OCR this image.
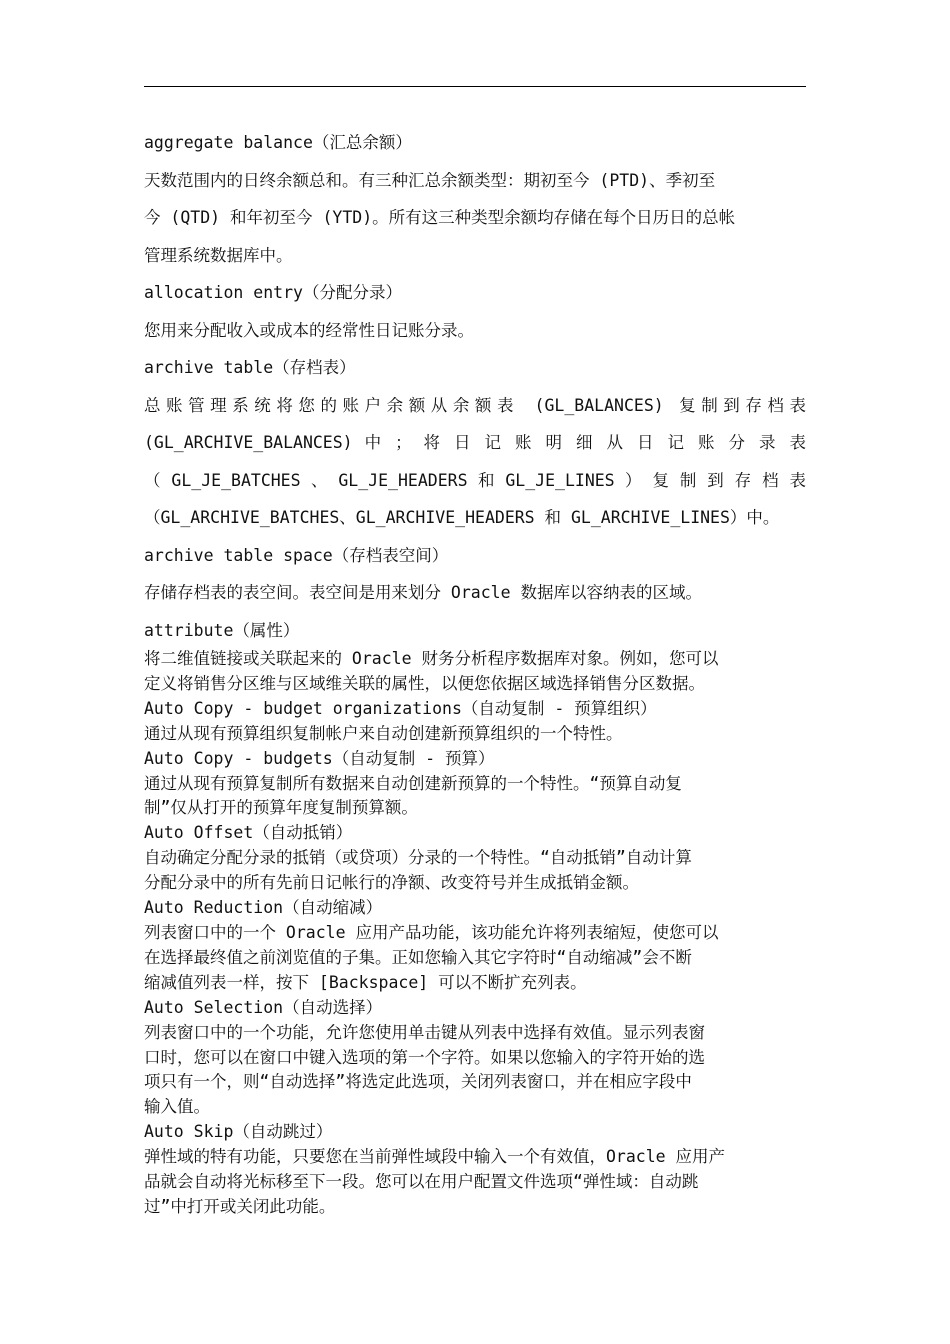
aggregate balance（汇总余额）

天数范围内的日终余额总和。有三种汇总余额类型：期初至今 (PTD)、季初至

今 (QTD) 和年初至今 (YTD)。所有这三种类型余额均存储在每个日历日的总帐

管理系统数据库中。

allocation entry（分配分录）

您用来分配收入或成本的经常性日记账分录。

archive table（存档表）

总账管理系统将您的账户余额从余额表 (GL_BALANCES) 复制到存档表

(GL_ARCHIVE_BALANCES) 中 ； 将 日 记 账 明 细 从 日 记 账 分 录 表

（ GL_JE_BATCHES 、 GL_JE_HEADERS 和 GL_JE_LINES ） 复 制 到 存 档 表

（GL_ARCHIVE_BATCHES、GL_ARCHIVE_HEADERS 和 GL_ARCHIVE_LINES）中。

archive table space（存档表空间）

存储存档表的表空间。表空间是用来划分 Oracle 数据库以容纳表的区域。

attribute（属性）

将二维值链接或关联起来的 Oracle 财务分析程序数据库对象。例如，您可以

定义将销售分区维与区域维关联的属性，以便您依据区域选择销售分区数据。

Auto Copy - budget organizations（自动复制 - 预算组织）

通过从现有预算组织复制帐户来自动创建新预算组织的一个特性。

Auto Copy - budgets（自动复制 - 预算）

通过从现有预算复制所有数据来自动创建新预算的一个特性。“预算自动复

制”仅从打开的预算年度复制预算额。

Auto Offset（自动抵销）

自动确定分配分录的抵销（或贷项）分录的一个特性。“自动抵销”自动计算

分配分录中的所有先前日记帐行的净额、改变符号并生成抵销金额。

Auto Reduction（自动缩减）

列表窗口中的一个 Oracle 应用产品功能，该功能允许将列表缩短，使您可以

在选择最终值之前浏览值的子集。正如您输入其它字符时“自动缩减”会不断

缩减值列表一样，按下 [Backspace] 可以不断扩充列表。

Auto Selection（自动选择）

列表窗口中的一个功能，允许您使用单击键从列表中选择有效值。显示列表窗

口时，您可以在窗口中键入选项的第一个字符。如果以您输入的字符开始的选

项只有一个，则“自动选择”将选定此选项，关闭列表窗口，并在相应字段中

输入值。

Auto Skip（自动跳过）

弹性域的特有功能，只要您在当前弹性域段中输入一个有效值，Oracle 应用产

品就会自动将光标移至下一段。您可以在用户配置文件选项“弹性域：自动跳

过”中打开或关闭此功能。
